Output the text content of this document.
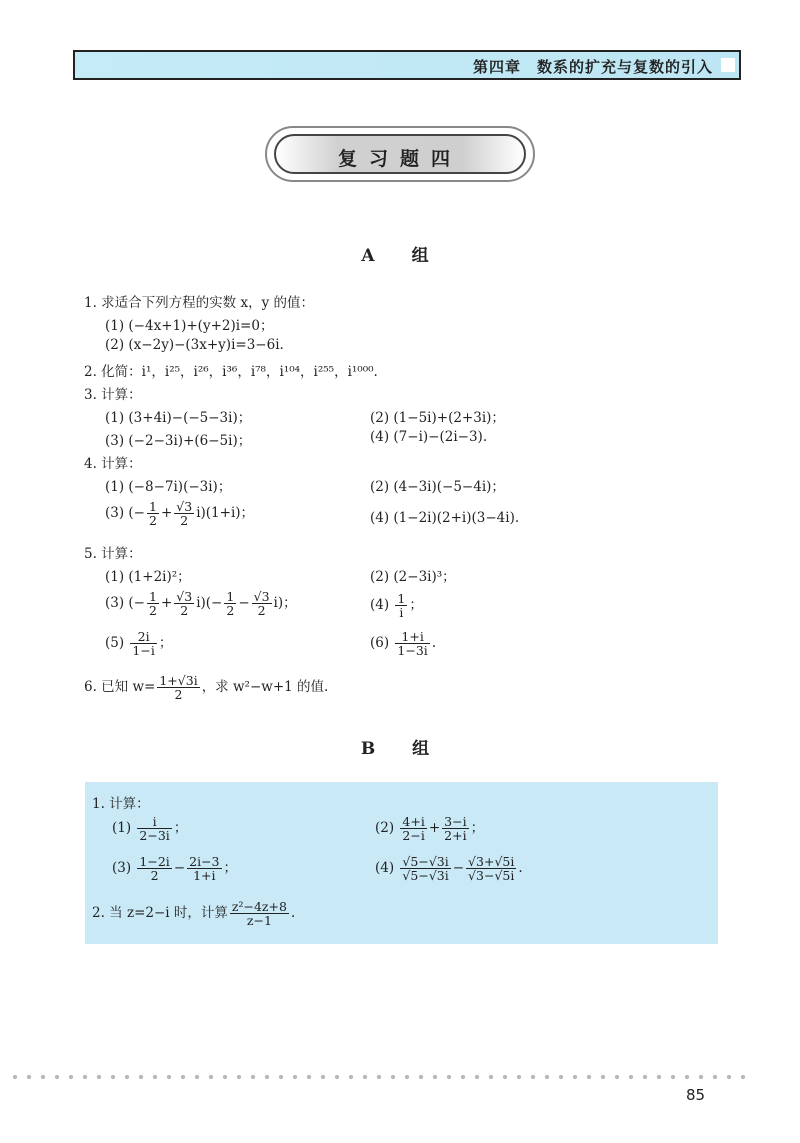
第四章　数系的扩充与复数的引入
复习题四
A　组
1. 求适合下列方程的实数 x，y 的值：
(1) (−4x+1)+(y+2)i=0；
(2) (x−2y)−(3x+y)i=3−6i.
2. 化简：i¹，i²⁵，i²⁶，i³⁶，i⁷⁸，i¹⁰⁴，i²⁵⁵，i¹⁰⁰⁰.
3. 计算：
(1) (3+4i)−(−5−3i)；	(2) (1−5i)+(2+3i)；
(3) (−2−3i)+(6−5i)；	(4) (7−i)−(2i−3).
4. 计算：
(1) (−8−7i)(−3i)；	(2) (4−3i)(−5−4i)；
(3) (− $\frac{1}{2} + \frac{√3}{2} i)(1+i)$；	(4) (1−2i)(2+i)(3−4i).
5. 计算：
(1) (1+2i)²；	(2) (2−3i)³；
(3) (− $\frac{1}{2} + \frac{√3}{2} i)(- \frac{1}{2} - \frac{√3}{2} i)$；	$(4) \frac{1}{i}$ ；
$(5) \frac{2i}{1-i}$ ；	$(6) \frac{1+i}{1-3i}$ .
6. 已知 $w= \frac{1+√3i}{2}$ ，求 w²−w+1 的值.
B　组
1. 计算：
$(1) \frac{i}{2-3i}$ ；	$(2) \frac{4+i}{2-i} + \frac{3-i}{2+i}$ ；
$(3) \frac{1-2i}{2} - \frac{2i-3}{1+i}$ ；	$(4) \frac{√5-√3i}{√5-√3i} - \frac{√3+√5i}{√3-√5i}$ .
2. 当 z=2−i 时，计算 $\frac{\text{z²−4z+8}}{z-1}$ .
85
